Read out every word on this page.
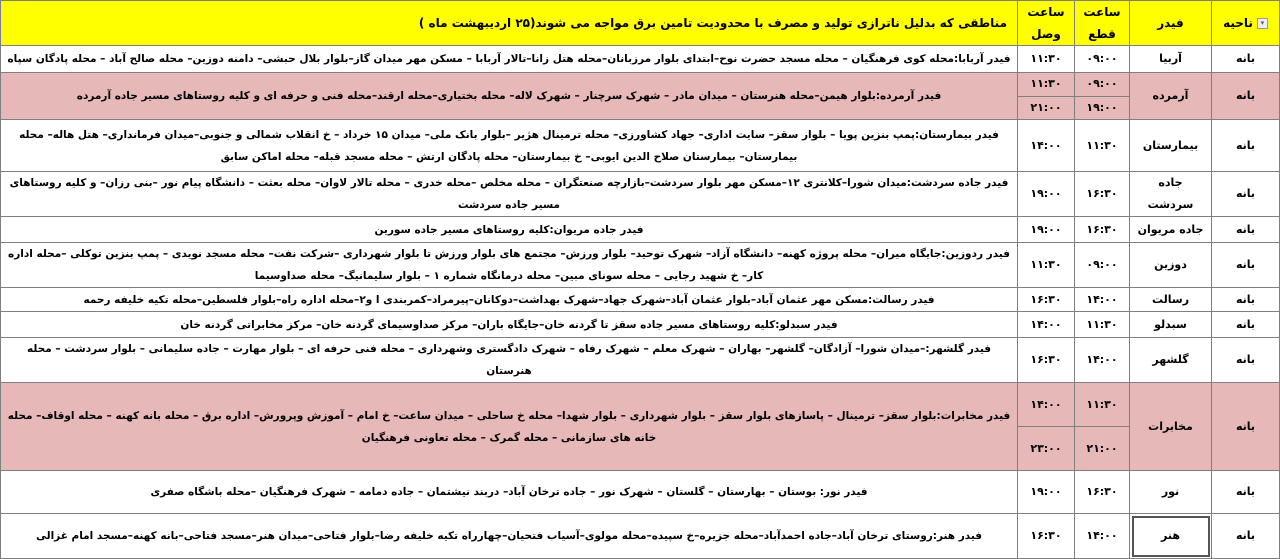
▾ناحیه	فیدر	ساعت قطع	ساعت وصل	مناطقی که بدلیل ناترازی تولید و مصرف با محدودیت تامین برق مواجه می شوند(۲۵ اردیبهشت ماه )
بانه	آربیا	۰۹:۰۰	۱۱:۳۰	فیدر آربابا:محله کوی فرهنگیان – محله مسجد حضرت نوح–ابتدای بلوار مرزبانان–محله هتل زانا–تالار آربابا – مسکن مهر میدان گاز–بلوار بلال حبشی– دامنه دوزین– محله صالح آباد – محله پادگان سپاه
بانه	آرمرده	۰۹:۰۰	۱۱:۳۰	فیدر آرمرده:بلوار هیمن–محله هنرستان – میدان مادر – شهرک سرچنار – شهرک لاله– محله بختیاری–محله ارقند–محله فنی و حرفه ای و کلیه روستاهای مسیر جاده آرمرده
		۱۹:۰۰	۲۱:۰۰	
بانه	بیمارستان	۱۱:۳۰	۱۴:۰۰	فیدر بیمارستان:پمپ بنزین پویا – بلوار سقز– سایت اداری– جهاد کشاورزی– محله ترمینال هژیر –بلوار بانک ملی– میدان ۱۵ خرداد – خ انقلاب شمالی و جنوبی–میدان فرمانداری– هتل هاله– محله بیمارستان– بیمارستان صلاح الدین ایوبی– خ بیمارستان– محله پادگان ارتش – محله مسجد قبله– محله اماکن سابق
بانه	جاده سردشت	۱۶:۳۰	۱۹:۰۰	فیدر جاده سردشت:میدان شورا–کلانتری ۱۲–مسکن مهر بلوار سردشت–بازارچه صنعتگران – محله مخلص –محله خدری – محله تالار لاوان– محله بعثت – دانشگاه پیام نور –بنی رزان– و کلیه روستاهای مسیر جاده سردشت
بانه	جاده مریوان	۱۶:۳۰	۱۹:۰۰	فیدر جاده مریوان:کلیه روستاهای مسیر جاده سورین
بانه	دوزین	۰۹:۰۰	۱۱:۳۰	فیدر ردوزین:جایگاه میران– محله پروژه کهنه– دانشگاه آزاد– شهرک توحید– بلوار ورزش– مجتمع های بلوار ورزش تا بلوار شهرداری –شرکت نفت– محله مسجد نویدی – پمپ بنزین توکلی –محله اداره کار– خ شهید رجایی – محله سونای مبین– محله درمانگاه شماره ۱ – بلوار سلیمانیگ– محله صداوسیما
بانه	رسالت	۱۴:۰۰	۱۶:۳۰	فیدر رسالت:مسکن مهر عثمان آباد–بلوار عثمان آباد–شهرک جهاد–شهرک بهداشت–دوکانان–پیرمراد–کمربندی ا و۲–محله اداره راه–بلوار فلسطین–محله تکیه خلیفه رحمه
بانه	سبدلو	۱۱:۳۰	۱۴:۰۰	فیدر سبدلو:کلیه روستاهای مسیر جاده سقز تا گردنه خان–جایگاه باران– مرکز صداوسیمای گردنه خان– مرکز مخابراتی گردنه خان
بانه	گلشهر	۱۴:۰۰	۱۶:۳۰	فیدر گلشهر:–میدان شورا– آزادگان– گلشهر– بهاران – شهرک معلم – شهرک رفاه – شهرک دادگستری وشهرداری – محله فنی حرفه ای – بلوار مهارت – جاده سلیمانی – بلوار سردشت – محله هنرستان
بانه	مخابرات	۱۱:۳۰	۱۴:۰۰	فیدر مخابرات:بلوار سقز– ترمینال – پاسازهای بلوار سقز – بلوار شهرداری – بلوار شهدا– محله خ ساحلی – میدان ساعت– خ امام – آموزش وپرورش– اداره برق – محله بانه کهنه – محله اوقاف– محله خانه های سازمانی – محله گمرک – محله تعاونی فرهنگیان
		۲۱:۰۰	۲۳:۰۰	
بانه	نور	۱۶:۳۰	۱۹:۰۰	فیدر نور: بوستان – بهارستان – گلستان – شهرک نور – جاده ترخان آباد– دربند نیشتمان – جاده دمامه – شهرک فرهنگیان –محله باشگاه صفری
بانه	هنر	۱۴:۰۰	۱۶:۳۰	فیدر هنر:روستای ترخان آباد–جاده احمدآباد–محله جزیره–خ سپیده–محله مولوی–آسیاب فتحیان–چهارراه تکیه خلیفه رضا–بلوار فتاحی–میدان هنر–مسجد فتاحی–بانه کهنه–مسجد امام غزالی
